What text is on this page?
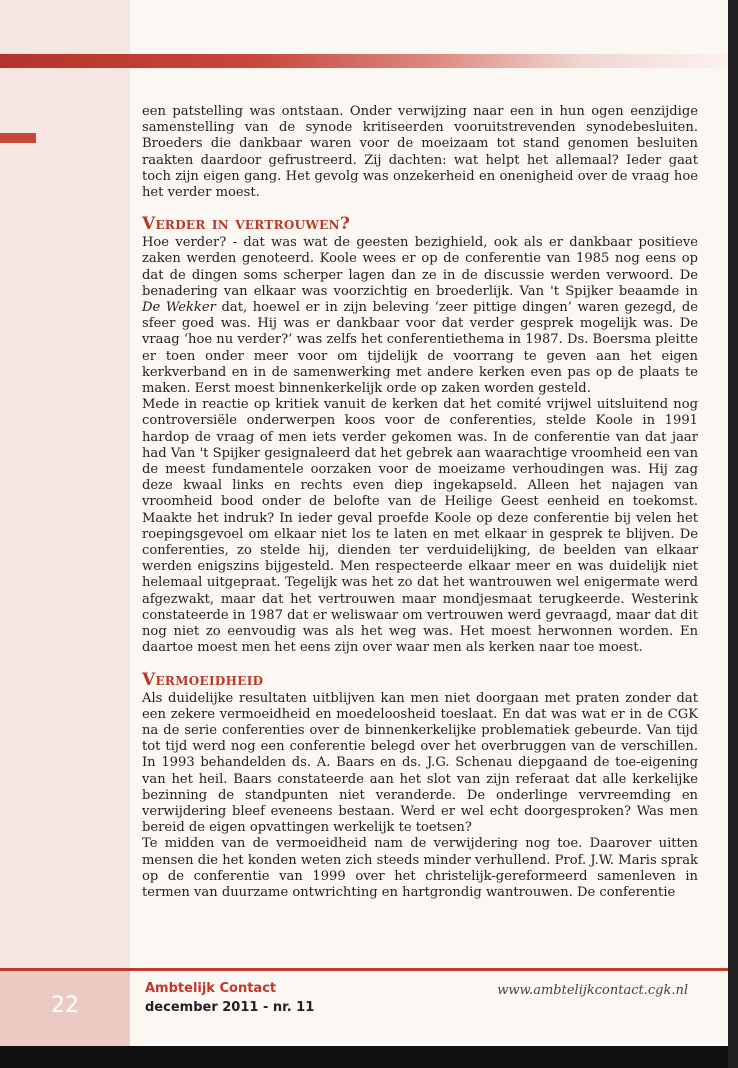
een patstelling was ontstaan. Onder verwijzing naar een in hun ogen eenzijdige samenstelling van de synode kritiseerden vooruitstrevenden synodebesluiten. Broeders die dankbaar waren voor de moeizaam tot stand genomen besluiten raakten daardoor gefrustreerd. Zij dachten: wat helpt het allemaal? Ieder gaat toch zijn eigen gang. Het gevolg was onzekerheid en onenigheid over de vraag hoe het verder moest.

Verder in vertrouwen?

Hoe verder? - dat was wat de geesten bezighield, ook als er dankbaar positieve zaken werden genoteerd. Koole wees er op de conferentie van 1985 nog eens op dat de dingen soms scherper lagen dan ze in de discussie werden verwoord. De benadering van elkaar was voorzichtig en broederlijk. Van 't Spijker beaamde in De Wekker dat, hoewel er in zijn beleving ‘zeer pittige dingen’ waren gezegd, de sfeer goed was. Hij was er dankbaar voor dat verder gesprek mogelijk was. De vraag ‘hoe nu verder?’ was zelfs het conferentiethema in 1987. Ds. Boersma pleitte er toen onder meer voor om tijdelijk de voorrang te geven aan het eigen kerkverband en in de samenwerking met andere kerken even pas op de plaats te maken. Eerst moest binnenkerkelijk orde op zaken worden gesteld.

Mede in reactie op kritiek vanuit de kerken dat het comité vrijwel uitsluitend nog controversiële onderwerpen koos voor de conferenties, stelde Koole in 1991 hardop de vraag of men iets verder gekomen was. In de conferentie van dat jaar had Van 't Spijker gesignaleerd dat het gebrek aan waarachtige vroomheid een van de meest fundamentele oorzaken voor de moeizame verhoudingen was. Hij zag deze kwaal links en rechts even diep ingekapseld. Alleen het najagen van vroomheid bood onder de belofte van de Heilige Geest eenheid en toekomst. Maakte het indruk? In ieder geval proefde Koole op deze conferentie bij velen het roepingsgevoel om elkaar niet los te laten en met elkaar in gesprek te blijven. De conferenties, zo stelde hij, dienden ter verduidelijking, de beelden van elkaar werden enigszins bijgesteld. Men respecteerde elkaar meer en was duidelijk niet helemaal uitgepraat. Tegelijk was het zo dat het wantrouwen wel enigermate werd afgezwakt, maar dat het vertrouwen maar mondjesmaat terugkeerde. Westerink constateerde in 1987 dat er weliswaar om vertrouwen werd gevraagd, maar dat dit nog niet zo eenvoudig was als het weg was. Het moest herwonnen worden. En daartoe moest men het eens zijn over waar men als kerken naar toe moest.

Vermoeidheid

Als duidelijke resultaten uitblijven kan men niet doorgaan met praten zonder dat een zekere vermoeidheid en moedeloosheid toeslaat. En dat was wat er in de CGK na de serie conferenties over de binnenkerkelijke problematiek gebeurde. Van tijd tot tijd werd nog een conferentie belegd over het overbruggen van de verschillen. In 1993 behandelden ds. A. Baars en ds. J.G. Schenau diepgaand de toe-eigening van het heil. Baars constateerde aan het slot van zijn referaat dat alle kerkelijke bezinning de standpunten niet veranderde. De onderlinge vervreemding en verwijdering bleef eveneens bestaan. Werd er wel echt doorgesproken? Was men bereid de eigen opvattingen werkelijk te toetsen?

Te midden van de vermoeidheid nam de verwijdering nog toe. Daarover uitten mensen die het konden weten zich steeds minder verhullend. Prof. J.W. Maris sprak op de conferentie van 1999 over het christelijk-gereformeerd samenleven in termen van duurzame ontwrichting en hartgrondig wantrouwen. De conferentie

22
Ambtelijk Contact
december 2011 - nr. 11
www.ambtelijkcontact.cgk.nl
